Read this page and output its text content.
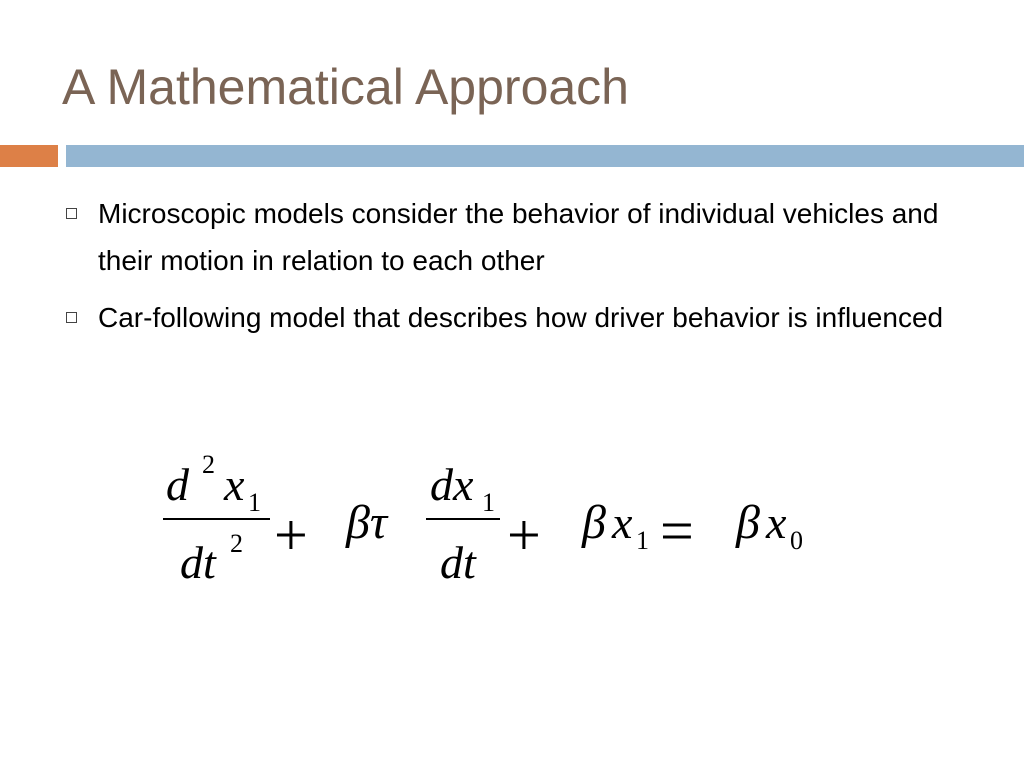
A Mathematical Approach
Microscopic models consider the behavior of individual vehicles and their motion in relation to each other
Car-following model that describes how driver behavior is influenced
d 2 x 1
dt 2 + βτ
dx 1
dt + β x 1 = β x 0
